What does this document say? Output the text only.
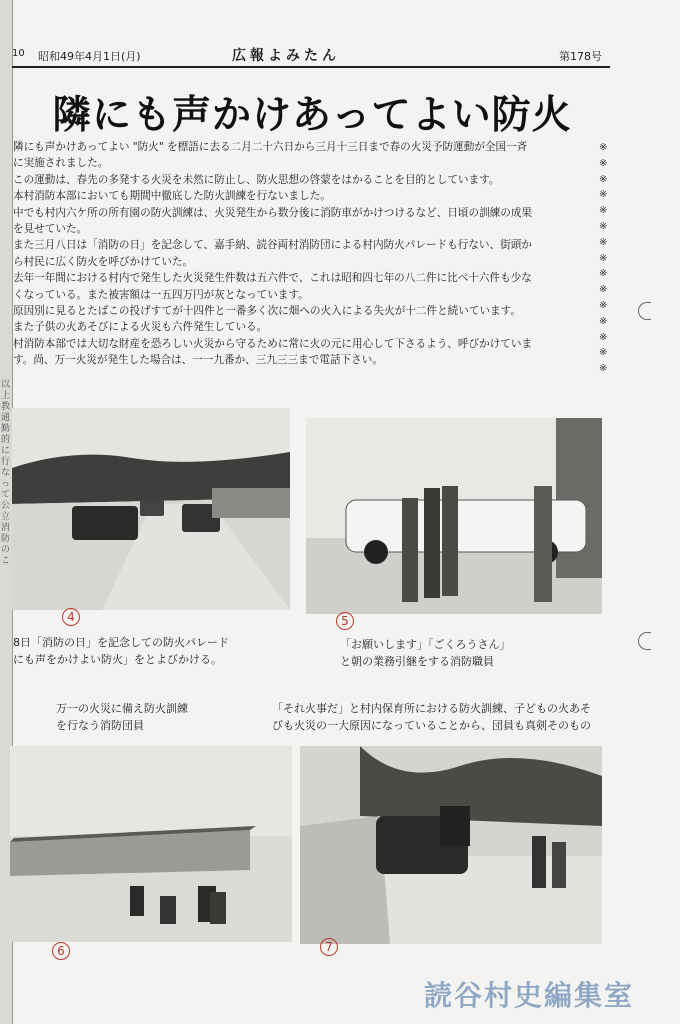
以上教通勤的に行なって公立消防のこ
10 昭和49年4月1日(月)	広報よみたん	第178号
隣にも声かけあってよい防火
隣にも声かけあってよい "防火" を標語に去る二月二十六日から三月十三日まで春の火災予防運動が全国一斉
に実施されました。
この運動は、春先の多発する火災を未然に防止し、防火思想の啓蒙をはかることを目的としています。
本村消防本部においても期間中徹底した防火訓練を行ないました。
中でも村内六ケ所の所有園の防火訓練は、火災発生から数分後に消防車がかけつけるなど、日頃の訓練の成果
を見せていた。
また三月八日は「消防の日」を記念して、嘉手納、読谷両村消防団による村内防火パレードも行ない、街頭か
ら村民に広く防火を呼びかけていた。
去年一年間における村内で発生した火災発生件数は五六件で、これは昭和四七年の八二件に比べ十六件も少な
くなっている。また被害額は一五四万円が灰となっています。
原因別に見るとたばこの投げすてが十四件と一番多く次に畑への火入による失火が十二件と続いています。
また子供の火あそびによる火災も六件発生している。
村消防本部では大切な財産を恐ろしい火災から守るために常に火の元に用心して下さるよう、呼びかけていま
す。尚、万一火災が発生した場合は、一一九番か、三九三三まで電話下さい。
※
※
※
※
※
※
※
※
※
※
※
※
※
※
※
4	5
8日「消防の日」を記念しての防火パレード
にも声をかけよい防火」をとよびかける。
「お願いします」「ごくろうさん」
と朝の業務引継をする消防職員
万一の火災に備え防火訓練
を行なう消防団員
「それ火事だ」と村内保育所における防火訓練、子どもの火あそ
びも火災の一大原因になっていることから、団員も真剣そのもの
6	7
読谷村史編集室
